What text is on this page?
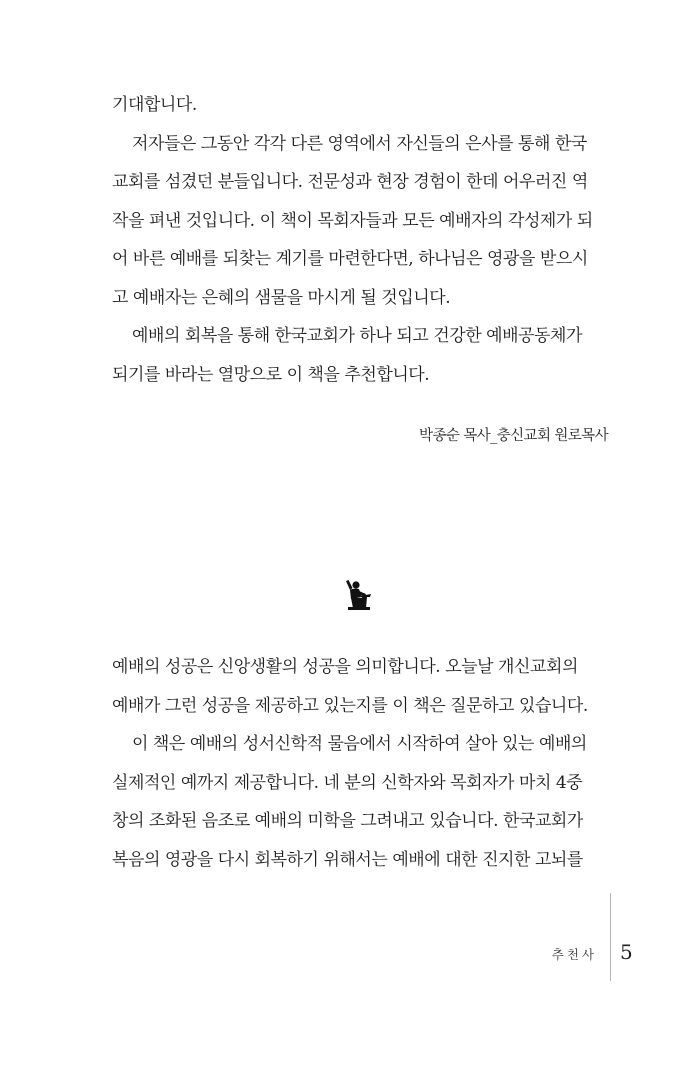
기대합니다.
저자들은 그동안 각각 다른 영역에서 자신들의 은사를 통해 한국
교회를 섬겼던 분들입니다. 전문성과 현장 경험이 한데 어우러진 역
작을 펴낸 것입니다. 이 책이 목회자들과 모든 예배자의 각성제가 되
어 바른 예배를 되찾는 계기를 마련한다면, 하나님은 영광을 받으시
고 예배자는 은혜의 샘물을 마시게 될 것입니다.
예배의 회복을 통해 한국교회가 하나 되고 건강한 예배공동체가
되기를 바라는 열망으로 이 책을 추천합니다.
박종순 목사_충신교회 원로목사
예배의 성공은 신앙생활의 성공을 의미합니다. 오늘날 개신교회의
예배가 그런 성공을 제공하고 있는지를 이 책은 질문하고 있습니다.
이 책은 예배의 성서신학적 물음에서 시작하여 살아 있는 예배의
실제적인 예까지 제공합니다. 네 분의 신학자와 목회자가 마치 4중
창의 조화된 음조로 예배의 미학을 그려내고 있습니다. 한국교회가
복음의 영광을 다시 회복하기 위해서는 예배에 대한 진지한 고뇌를
추천사 5
